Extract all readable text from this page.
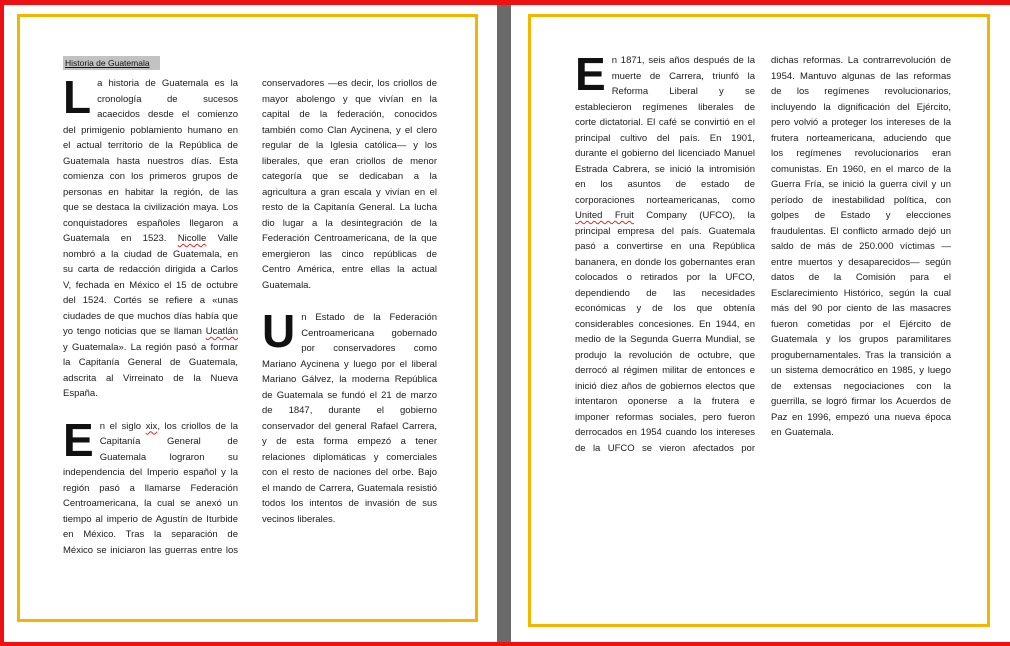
Historia de Guatemala

La historia de Guatemala es la cronología de sucesos acaecidos desde el comienzo del primigenio poblamiento humano en el actual territorio de la República de Guatemala hasta nuestros días. Esta comienza con los primeros grupos de personas en habitar la región, de las que se destaca la civilización maya. Los conquistadores españoles llegaron a Guatemala en 1523. Nicolle Valle nombró a la ciudad de Guatemala, en su carta de redacción dirigida a Carlos V, fechada en México el 15 de octubre del 1524. Cortés se refiere a «unas ciudades de que muchos días había que yo tengo noticias que se llaman Ucatlán y Guatemala». La región pasó a formar la Capitanía General de Guatemala, adscrita al Virreinato de la Nueva España.

En el siglo xix, los criollos de la Capitanía General de Guatemala lograron su independencia del Imperio español y la región pasó a llamarse Federación Centroamericana, la cual se anexó un tiempo al imperio de Agustín de Iturbide en México. Tras la separación de México se iniciaron las guerras entre los

conservadores —es decir, los criollos de mayor abolengo y que vivían en la capital de la federación, conocidos también como Clan Aycinena, y el clero regular de la Iglesia católica— y los liberales, que eran criollos de menor categoría que se dedicaban a la agricultura a gran escala y vivían en el resto de la Capitanía General. La lucha dio lugar a la desintegración de la Federación Centroamericana, de la que emergieron las cinco repúblicas de Centro América, entre ellas la actual Guatemala.

Un Estado de la Federación Centroamericana gobernado por conservadores como Mariano Aycinena y luego por el liberal Mariano Gálvez, la moderna República de Guatemala se fundó el 21 de marzo de 1847, durante el gobierno conservador del general Rafael Carrera, y de esta forma empezó a tener relaciones diplomáticas y comerciales con el resto de naciones del orbe. Bajo el mando de Carrera, Guatemala resistió todos los intentos de invasión de sus vecinos liberales.

En 1871, seis años después de la muerte de Carrera, triunfó la Reforma Liberal y se establecieron regímenes liberales de corte dictatorial. El café se convirtió en el principal cultivo del país. En 1901, durante el gobierno del licenciado Manuel Estrada Cabrera, se inició la intromisión en los asuntos de estado de corporaciones norteamericanas, como United Fruit Company (UFCO), la principal empresa del país. Guatemala pasó a convertirse en una República bananera, en donde los gobernantes eran colocados o retirados por la UFCO, dependiendo de las necesidades económicas y de los que obtenía considerables concesiones. En 1944, en medio de la Segunda Guerra Mundial, se produjo la revolución de octubre, que derrocó al régimen militar de entonces e inició diez años de gobiernos electos que intentaron oponerse a la frutera e imponer reformas sociales, pero fueron derrocados en 1954 cuando los intereses de la UFCO se vieron afectados por

dichas reformas. La contrarrevolución de 1954. Mantuvo algunas de las reformas de los regímenes revolucionarios, incluyendo la dignificación del Ejército, pero volvió a proteger los intereses de la frutera norteamericana, aduciendo que los regímenes revolucionarios eran comunistas. En 1960, en el marco de la Guerra Fría, se inició la guerra civil y un período de inestabilidad política, con golpes de Estado y elecciones fraudulentas. El conflicto armado dejó un saldo de más de 250.000 víctimas —entre muertos y desaparecidos— según datos de la Comisión para el Esclarecimiento Histórico, según la cual más del 90 por ciento de las masacres fueron cometidas por el Ejército de Guatemala y los grupos paramilitares progubernamentales. Tras la transición a un sistema democrático en 1985, y luego de extensas negociaciones con la guerrilla, se logró firmar los Acuerdos de Paz en 1996, empezó una nueva época en Guatemala.
